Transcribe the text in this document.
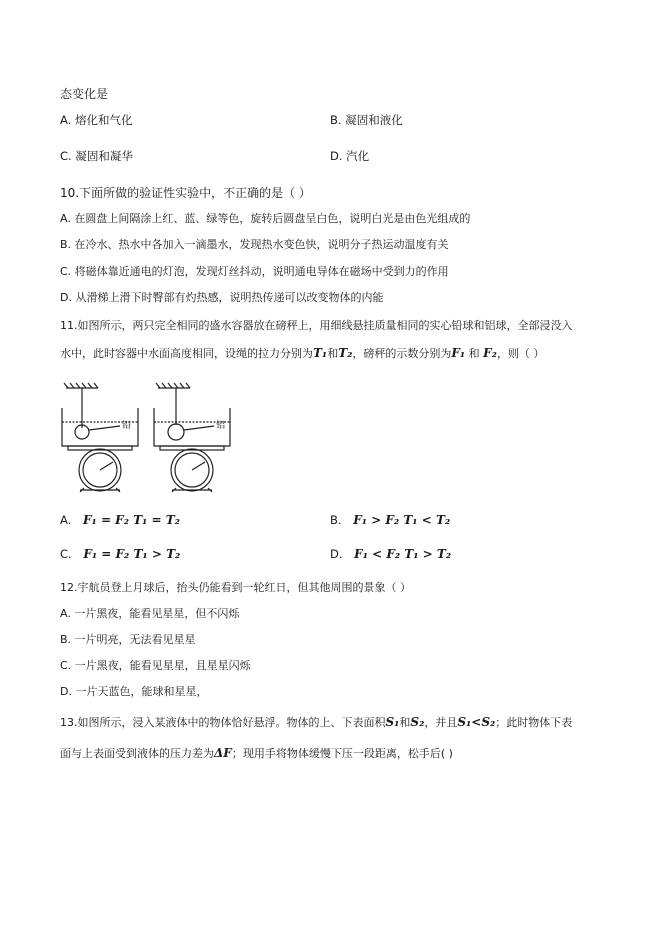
态变化是
A. 熔化和气化	B. 凝固和液化
C. 凝固和凝华	D. 汽化
10.下面所做的验证性实验中，不正确的是（ ）
A. 在圆盘上间隔涂上红、蓝、绿等色，旋转后圆盘呈白色，说明白光是由色光组成的
B. 在冷水、热水中各加入一滴墨水，发现热水变色快，说明分子热运动温度有关
C. 将磁体靠近通电的灯泡，发现灯丝抖动，说明通电导体在磁场中受到力的作用
D. 从滑梯上滑下时臀部有灼热感，说明热传递可以改变物体的内能
11.如图所示，两只完全相同的盛水容器放在磅秤上，用细线悬挂质量相同的实心铅球和铝球，全部浸没入
水中，此时容器中水面高度相同，设绳的拉力分别为T₁和T₂，磅秤的示数分别为F₁ 和 F₂，则（ ）
铅	铝
A. F₁ = F₂ T₁ = T₂	B. F₁ > F₂ T₁ < T₂
C. F₁ = F₂ T₁ > T₂	D. F₁ < F₂ T₁ > T₂
12.宇航员登上月球后，抬头仍能看到一轮红日，但其他周围的景象（ ）
A. 一片黑夜，能看见星星，但不闪烁
B. 一片明亮，无法看见星星
C. 一片黑夜，能看见星星，且星星闪烁
D. 一片天蓝色，能球和星星，
13.如图所示，浸入某液体中的物体恰好悬浮。物体的上、下表面积S₁和S₂，并且S₁<S₂；此时物体下表
面与上表面受到液体的压力差为ΔF；现用手将物体缓慢下压一段距离，松手后( )
